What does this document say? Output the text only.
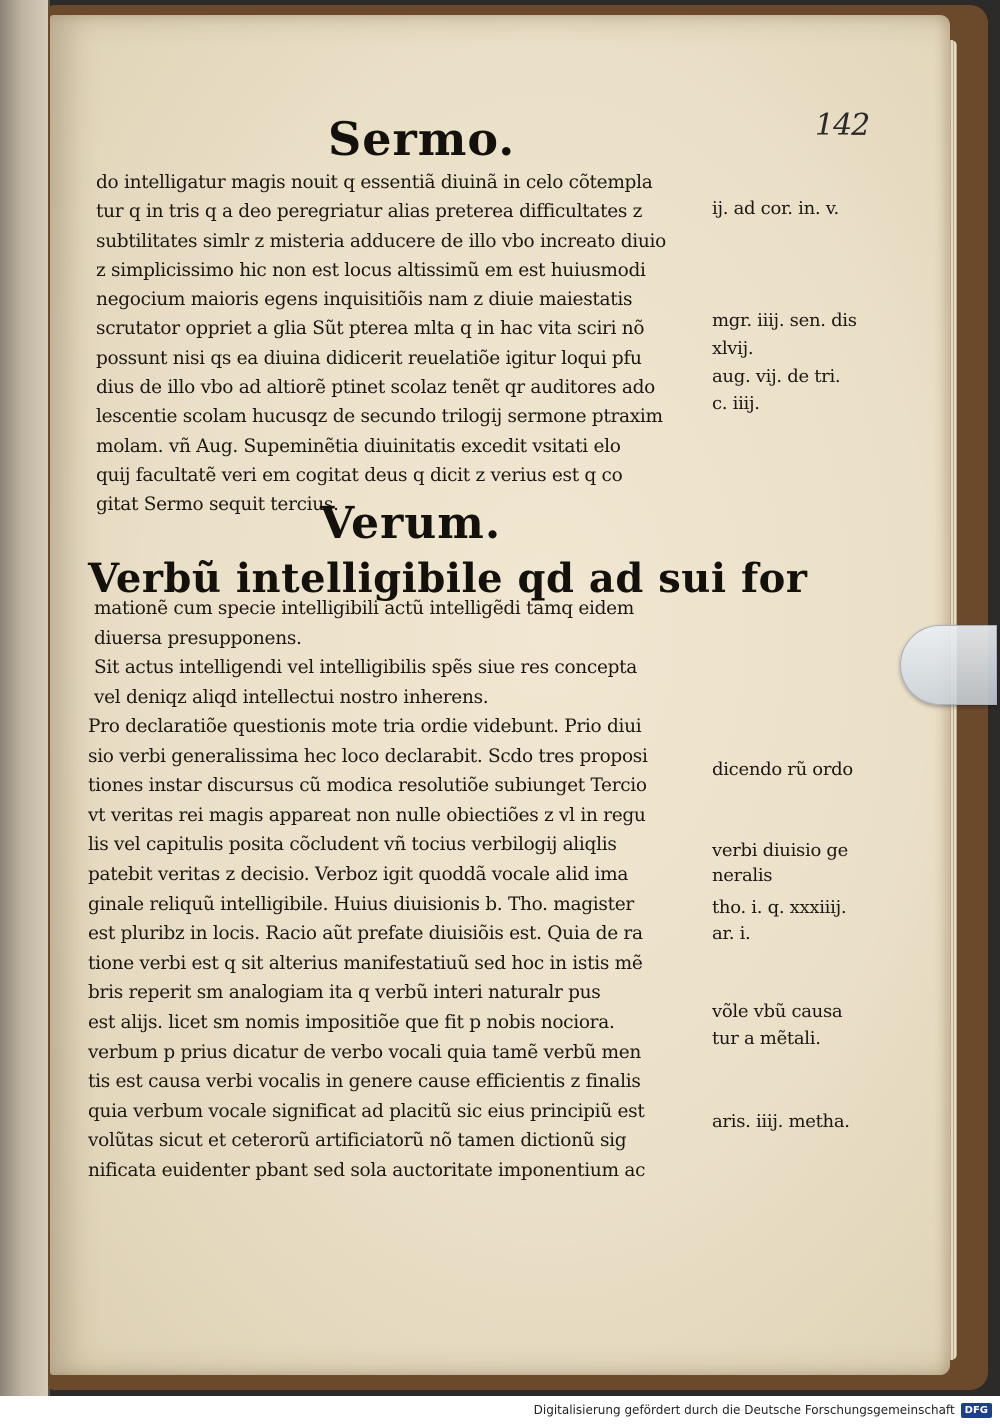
142
Sermo.
do intelligatur magis nouit q essentiã diuinã in celo cõtempla
tur q in tris q a deo peregriatur alias preterea difficultates z
subtilitates simlr z misteria adducere de illo vbo increato diuio
z simplicissimo hic non est locus altissimũ em est huiusmodi
negocium maioris egens inquisitiõis nam z diuie maiestatis
scrutator oppriet a glia Sũt pterea mlta q in hac vita sciri nõ
possunt nisi qs ea diuina didicerit reuelatiõe igitur loqui pfu
dius de illo vbo ad altiorẽ ptinet scolaz tenẽt qr auditores ado
lescentie scolam hucusqz de secundo trilogij sermone ptraxim
molam. vñ Aug. Supeminẽtia diuinitatis excedit vsitati elo
quij facultatẽ veri em cogitat deus q dicit z verius est q co
gitat Sermo sequit tercius.
Verum.
Verbũ intelligibile qd ad sui for
mationẽ cum specie intelligibili actũ intelligẽdi tamq eidem
diuersa presupponens.
Sit actus intelligendi vel intelligibilis spẽs siue res concepta
vel deniqz aliqd intellectui nostro inherens.
Pro declaratiõe questionis mote tria ordie videbunt. Prio diui
sio verbi generalissima hec loco declarabit. Scdo tres proposi
tiones instar discursus cũ modica resolutiõe subiunget Tercio
vt veritas rei magis appareat non nulle obiectiões z vl in regu
lis vel capitulis posita cõcludent vñ tocius verbilogij aliqlis
patebit veritas z decisio. Verboz igit quoddã vocale alid ima
ginale reliquũ intelligibile. Huius diuisionis b. Tho. magister
est pluribz in locis. Racio aũt prefate diuisiõis est. Quia de ra
tione verbi est q sit alterius manifestatiuũ sed hoc in istis mẽ
bris reperit sm analogiam ita q verbũ interi naturalr pus
est alijs. licet sm nomis impositiõe que fit p nobis nociora.
verbum p prius dicatur de verbo vocali quia tamẽ verbũ men
tis est causa verbi vocalis in genere cause efficientis z finalis
quia verbum vocale significat ad placitũ sic eius principiũ est
volũtas sicut et ceterorũ artificiatorũ nõ tamen dictionũ sig
nificata euidenter pbant sed sola auctoritate imponentium ac
ij. ad cor. in. v.
mgr. iiij. sen. dis
xlvij.
aug. vij. de tri.
c. iiij.
dicendo rũ ordo
verbi diuisio ge
neralis
tho. i. q. xxxiiij.
ar. i.
võle vbũ causa
tur a mẽtali.
aris. iiij. metha.
Digitalisierung gefördert durch die Deutsche Forschungsgemeinschaft	DFG
